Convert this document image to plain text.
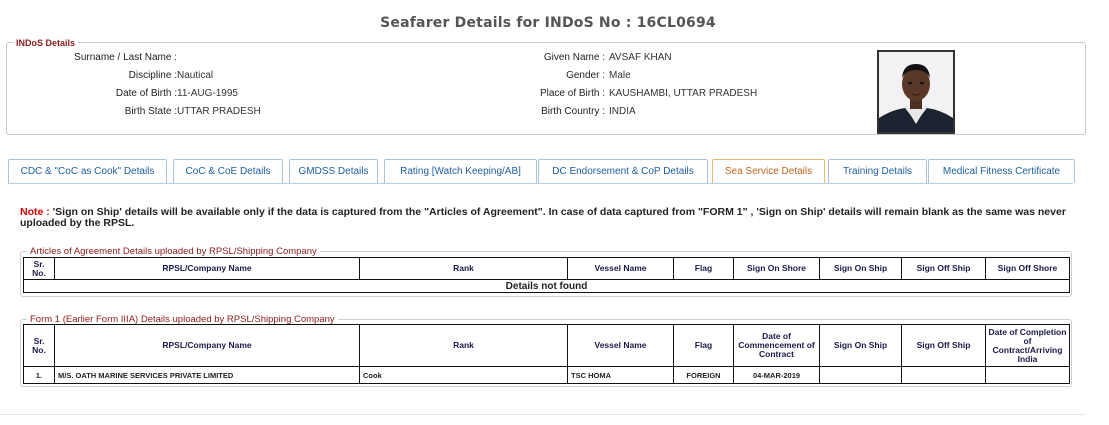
Seafarer Details for INDoS No : 16CL0694
INDoS Details
Surname / Last Name :
Discipline : Nautical
Date of Birth : 11-AUG-1995
Birth State : UTTAR PRADESH
Given Name : AVSAF KHAN
Gender : Male
Place of Birth : KAUSHAMBI, UTTAR PRADESH
Birth Country : INDIA
CDC & "CoC as Cook" Details	CoC & CoE Details	GMDSS Details	Rating [Watch Keeping/AB]	DC Endorsement & CoP Details	Sea Service Details	Training Details	Medical Fitness Certificate
Note : 'Sign on Ship' details will be available only if the data is captured from the "Articles of Agreement". In case of data captured from "FORM 1" , 'Sign on Ship' details will remain blank as the same was never uploaded by the RPSL.
Articles of Agreement Details uploaded by RPSL/Shipping Company
Sr. No.	RPSL/Company Name	Rank	Vessel Name	Flag	Sign On Shore	Sign On Ship	Sign Off Ship	Sign Off Shore
Details not found
Form 1 (Earlier Form IIIA) Details uploaded by RPSL/Shipping Company
Sr. No.	RPSL/Company Name	Rank	Vessel Name	Flag	Date of Commencement of Contract	Sign On Ship	Sign Off Ship	Date of Completion of Contract/Arriving India
1.	M/S. OATH MARINE SERVICES PRIVATE LIMITED	Cook	TSC HOMA	FOREIGN	04-MAR-2019			
